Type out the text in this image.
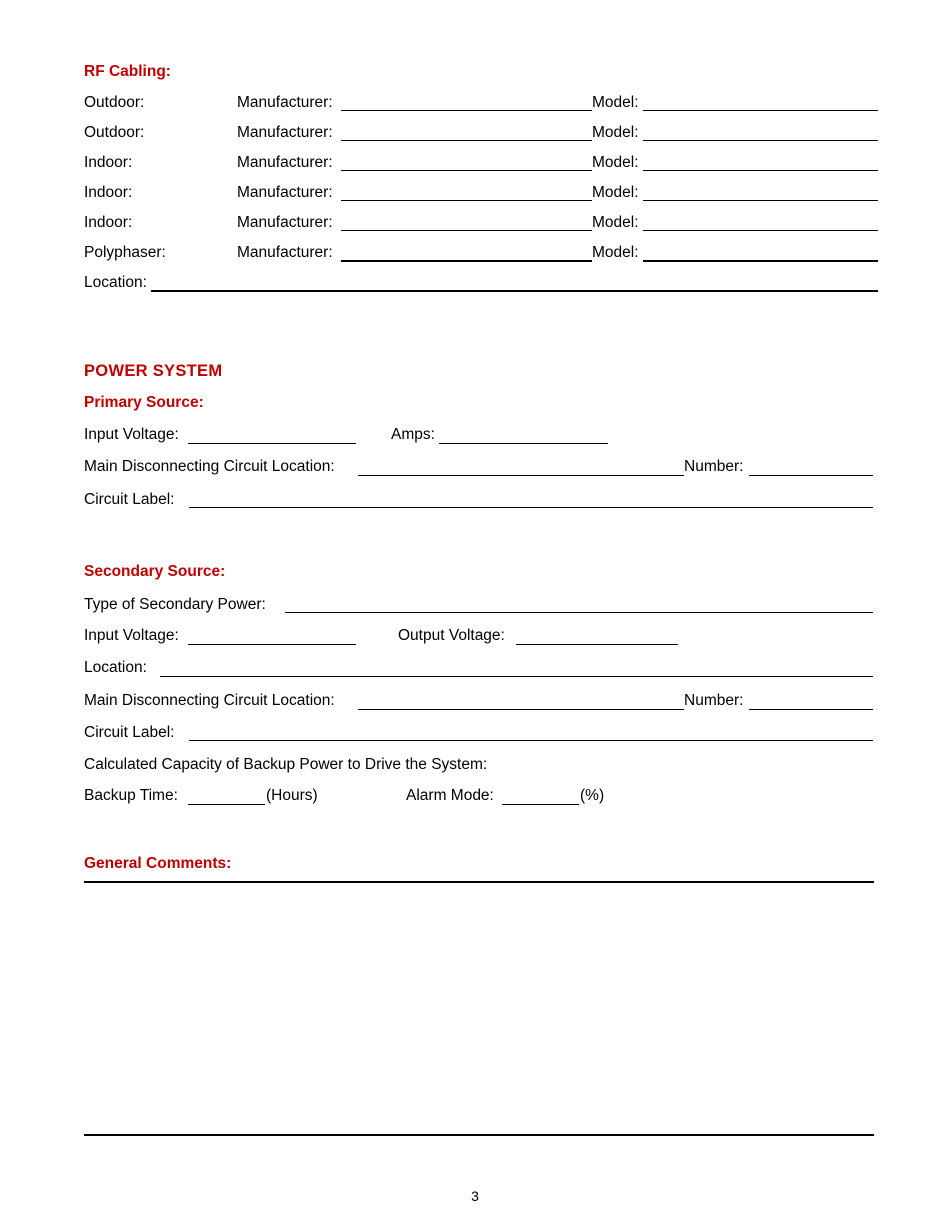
RF Cabling:
Outdoor:	Manufacturer:	Model:
Outdoor:	Manufacturer:	Model:
Indoor:	Manufacturer:	Model:
Indoor:	Manufacturer:	Model:
Indoor:	Manufacturer:	Model:
Polyphaser:	Manufacturer:	Model:
Location:
POWER SYSTEM
Primary Source:
Input Voltage:	Amps:
Main Disconnecting Circuit Location:	Number:
Circuit Label:
Secondary Source:
Type of Secondary Power:
Input Voltage:	Output Voltage:
Location:
Main Disconnecting Circuit Location:	Number:
Circuit Label:
Calculated Capacity of Backup Power to Drive the System:
Backup Time:	(Hours)	Alarm Mode:	(%)
General Comments:
3
